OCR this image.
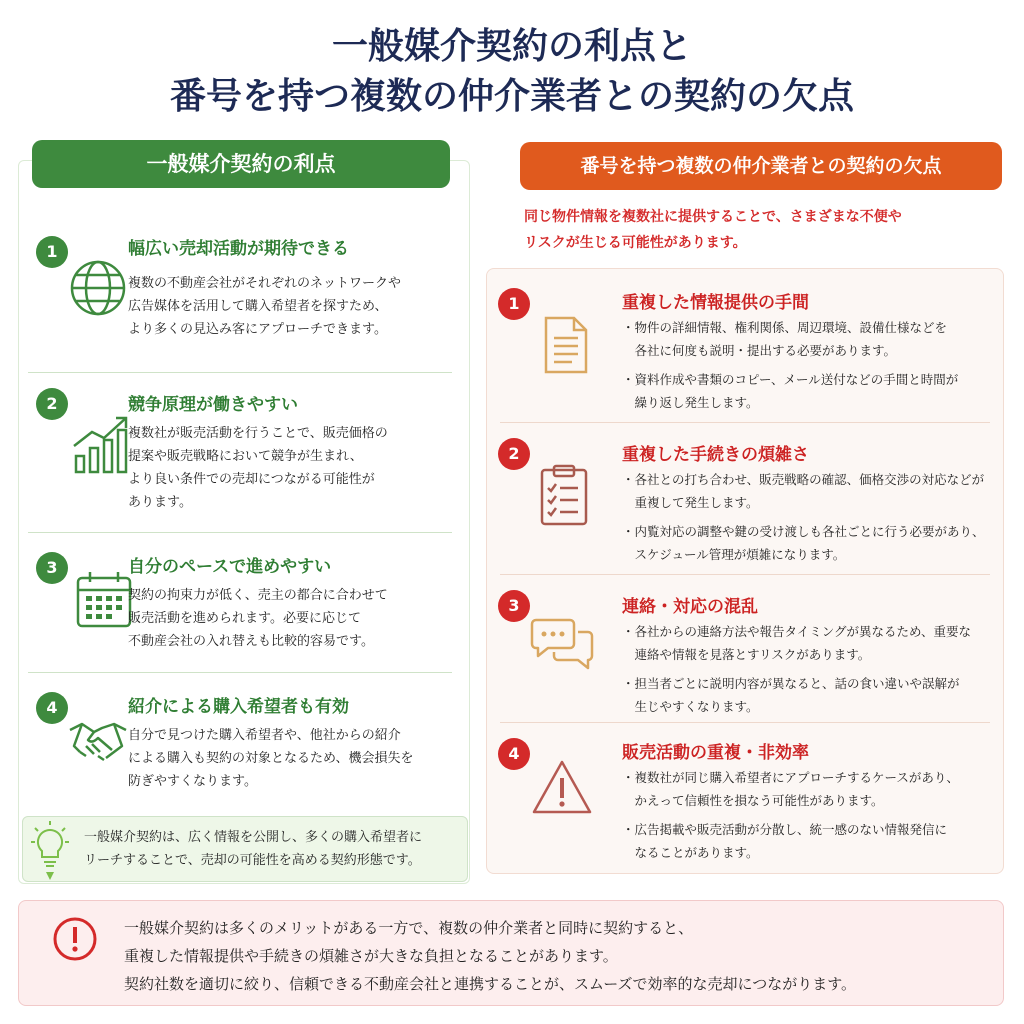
一般媒介契約の利点と
番号を持つ複数の仲介業者との契約の欠点
一般媒介契約の利点
1	幅広い売却活動が期待できる
複数の不動産会社がそれぞれのネットワークや
広告媒体を活用して購入希望者を探すため、
より多くの見込み客にアプローチできます。
2	競争原理が働きやすい
複数社が販売活動を行うことで、販売価格の
提案や販売戦略において競争が生まれ、
より良い条件での売却につながる可能性が
あります。
3	自分のペースで進めやすい
契約の拘束力が低く、売主の都合に合わせて
販売活動を進められます。必要に応じて
不動産会社の入れ替えも比較的容易です。
4	紹介による購入希望者も有効
自分で見つけた購入希望者や、他社からの紹介
による購入も契約の対象となるため、機会損失を
防ぎやすくなります。
一般媒介契約は、広く情報を公開し、多くの購入希望者に
リーチすることで、売却の可能性を高める契約形態です。
番号を持つ複数の仲介業者との契約の欠点
同じ物件情報を複数社に提供することで、さまざまな不便や
リスクが生じる可能性があります。
1	重複した情報提供の手間
・物件の詳細情報、権利関係、周辺環境、設備仕様などを
　各社に何度も説明・提出する必要があります。
・資料作成や書類のコピー、メール送付などの手間と時間が
　繰り返し発生します。
2	重複した手続きの煩雑さ
・各社との打ち合わせ、販売戦略の確認、価格交渉の対応などが
　重複して発生します。
・内覧対応の調整や鍵の受け渡しも各社ごとに行う必要があり、
　スケジュール管理が煩雑になります。
3	連絡・対応の混乱
・各社からの連絡方法や報告タイミングが異なるため、重要な
　連絡や情報を見落とすリスクがあります。
・担当者ごとに説明内容が異なると、話の食い違いや誤解が
　生じやすくなります。
4	販売活動の重複・非効率
・複数社が同じ購入希望者にアプローチするケースがあり、
　かえって信頼性を損なう可能性があります。
・広告掲載や販売活動が分散し、統一感のない情報発信に
　なることがあります。
一般媒介契約は多くのメリットがある一方で、複数の仲介業者と同時に契約すると、
重複した情報提供や手続きの煩雑さが大きな負担となることがあります。
契約社数を適切に絞り、信頼できる不動産会社と連携することが、スムーズで効率的な売却につながります。
